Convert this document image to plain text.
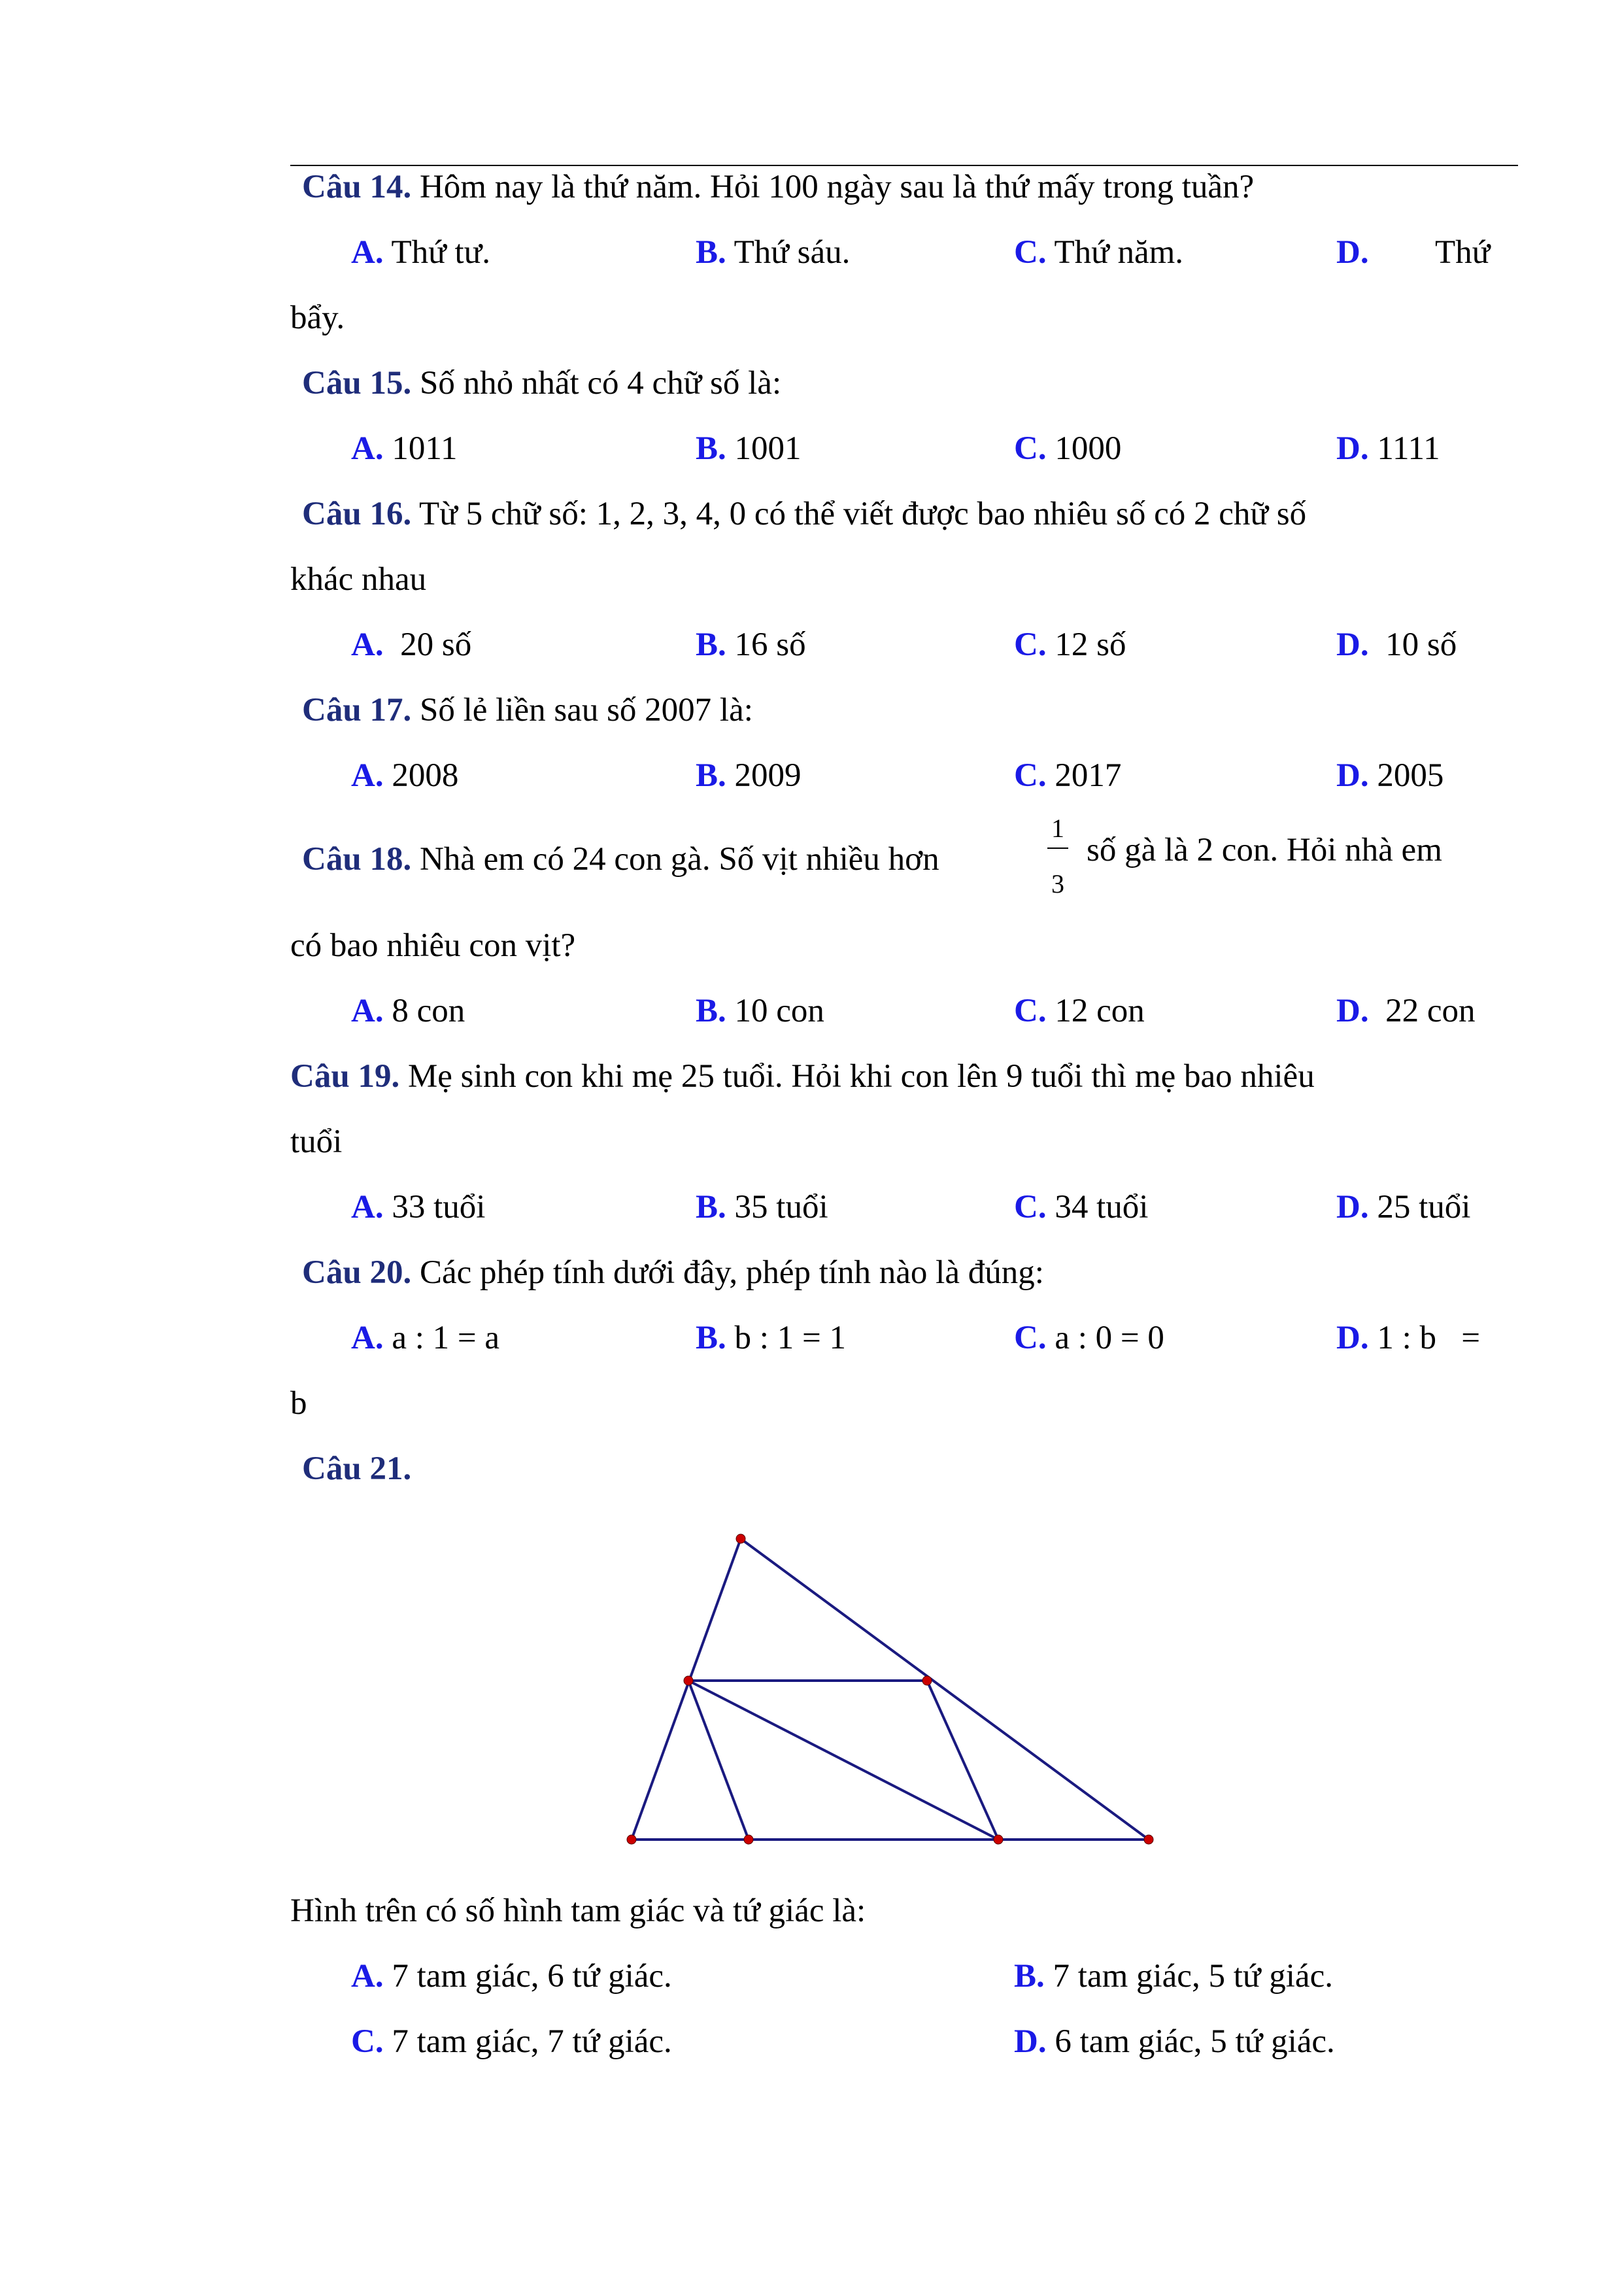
Câu 14. Hôm nay là thứ năm. Hỏi 100 ngày sau là thứ mấy trong tuần?
A. Thứ tư.	B. Thứ sáu.	C. Thứ năm.	D. Thứ
bẩy.
Câu 15. Số nhỏ nhất có 4 chữ số là:
A. 1011	B. 1001	C. 1000	D. 1111
Câu 16. Từ 5 chữ số: 1, 2, 3, 4, 0 có thể viết được bao nhiêu số có 2 chữ số
khác nhau
A. 20 số	B. 16 số	C. 12 số	D. 10 số
Câu 17. Số lẻ liền sau số 2007 là:
A. 2008	B. 2009	C. 2017	D. 2005
Câu 18. Nhà em có 24 con gà. Số vịt nhiều hơn
1
3
số gà là 2 con. Hỏi nhà em
có bao nhiêu con vịt?
A. 8 con	B. 10 con	C. 12 con	D. 22 con
Câu 19. Mẹ sinh con khi mẹ 25 tuổi. Hỏi khi con lên 9 tuổi thì mẹ bao nhiêu
tuổi
A. 33 tuổi	B. 35 tuổi	C. 34 tuổi	D. 25 tuổi
Câu 20. Các phép tính dưới đây, phép tính nào là đúng:
A. a : 1 = a	B. b : 1 = 1	C. a : 0 = 0	D. 1 : b   =
b
Câu 21.
Hình trên có số hình tam giác và tứ giác là:
A. 7 tam giác, 6 tứ giác.	B. 7 tam giác, 5 tứ giác.
C. 7 tam giác, 7 tứ giác.	D. 6 tam giác, 5 tứ giác.
